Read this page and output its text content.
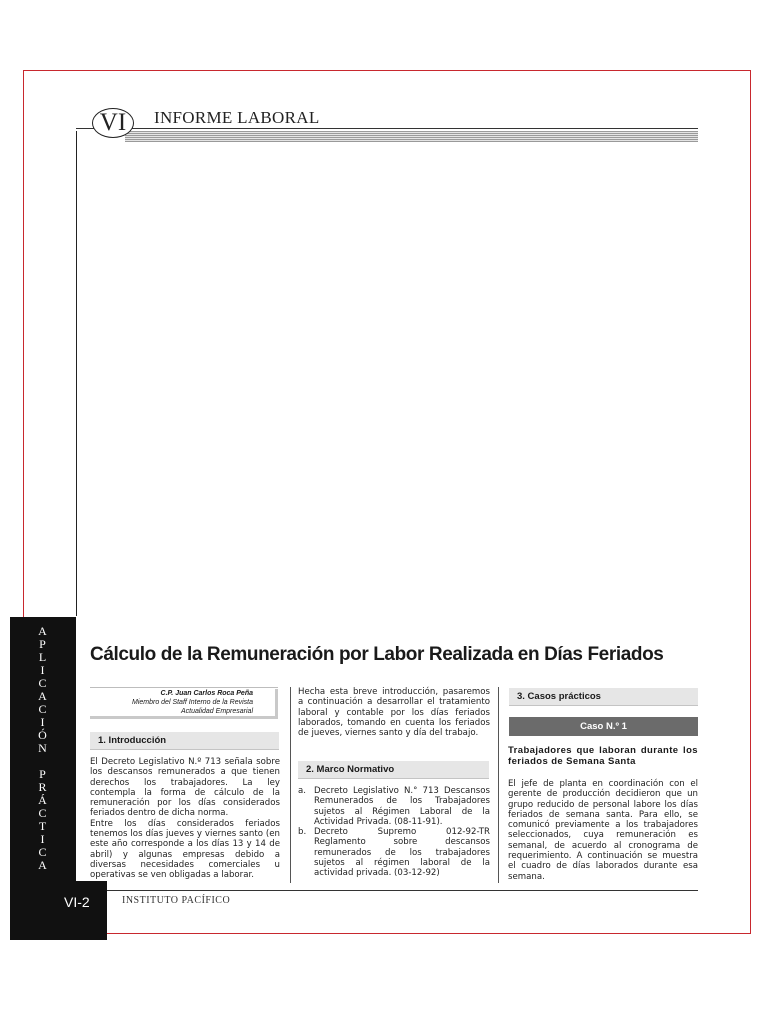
VI	INFORME LABORAL
A
P
L
I
C
A
C
I
Ó
N

P
R
Á
C
T
I
C
A
VI-2	INSTITUTO PACÍFICO
Cálculo de la Remuneración por Labor Realizada en Días Feriados
C.P. Juan Carlos Roca Peña
Miembro del Staff Interno de la Revista
Actualidad Empresarial
1. Introducción

El Decreto Legislativo N.º 713 señala sobre los descansos remunerados a que tienen derechos los trabajadores. La ley contempla la forma de cálculo de la remuneración por los días considerados feriados dentro de dicha norma.

Entre los días considerados feriados tenemos los días jueves y viernes santo (en este año corresponde a los días 13 y 14 de abril) y algunas empresas debido a diversas necesidades comerciales u operativas se ven obligadas a laborar.

Hecha esta breve introducción, pasaremos a continuación a desarrollar el tratamiento laboral y contable por los días feriados laborados, tomando en cuenta los feriados de jueves, viernes santo y día del trabajo.

2. Marco Normativo
a. Decreto Legislativo N.° 713 Descansos Remunerados de los Trabajadores sujetos al Régimen Laboral de la Actividad Privada. (08-11-91).
b. Decreto Supremo 012-92-TR Reglamento sobre descansos remunerados de los trabajadores sujetos al régimen laboral de la actividad privada. (03-12-92)
3. Casos prácticos
Caso N.º 1
Trabajadores que laboran durante los feriados de Semana Santa

El jefe de planta en coordinación con el gerente de producción decidieron que un grupo reducido de personal labore los días feriados de semana santa. Para ello, se comunicó previamente a los trabajadores seleccionados, cuya remuneración es semanal, de acuerdo al cronograma de requerimiento. A continuación se muestra el cuadro de días laborados durante esa semana.
